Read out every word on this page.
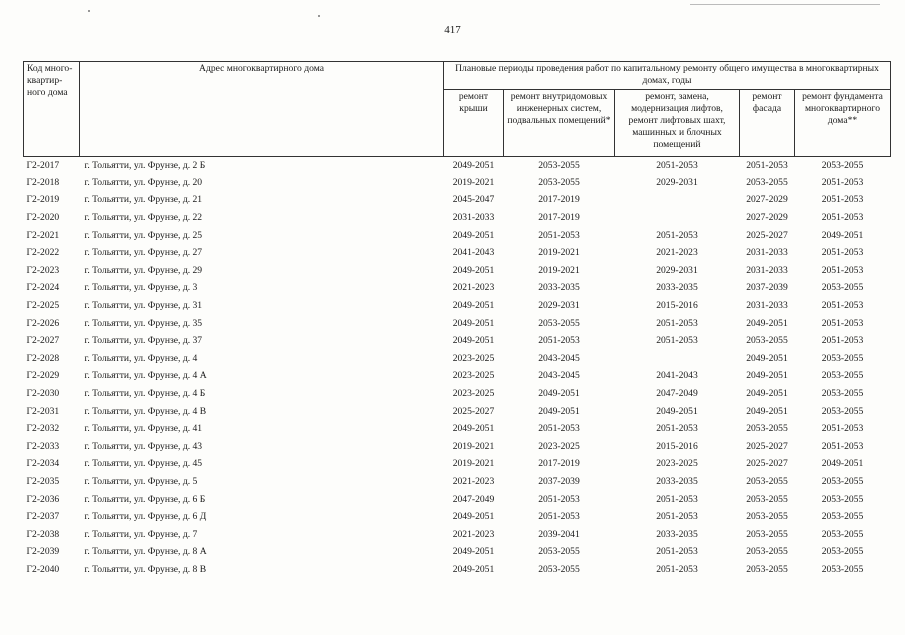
417
Код много-квартир-ного дома	Адрес многоквартирного дома	Плановые периоды проведения работ по капитальному ремонту общего имущества в многоквартирных домах, годы				
		ремонт крыши	ремонт внутридомовых инженерных систем, подвальных помещений*	ремонт, замена, модернизация лифтов, ремонт лифтовых шахт, машинных и блочных помещений	ремонт фасада	ремонт фундамента многоквартирного дома**
Г2-2017	г. Тольятти, ул. Фрунзе, д. 2 Б	2049-2051	2053-2055	2051-2053	2051-2053	2053-2055
Г2-2018	г. Тольятти, ул. Фрунзе, д. 20	2019-2021	2053-2055	2029-2031	2053-2055	2051-2053
Г2-2019	г. Тольятти, ул. Фрунзе, д. 21	2045-2047	2017-2019		2027-2029	2051-2053
Г2-2020	г. Тольятти, ул. Фрунзе, д. 22	2031-2033	2017-2019		2027-2029	2051-2053
Г2-2021	г. Тольятти, ул. Фрунзе, д. 25	2049-2051	2051-2053	2051-2053	2025-2027	2049-2051
Г2-2022	г. Тольятти, ул. Фрунзе, д. 27	2041-2043	2019-2021	2021-2023	2031-2033	2051-2053
Г2-2023	г. Тольятти, ул. Фрунзе, д. 29	2049-2051	2019-2021	2029-2031	2031-2033	2051-2053
Г2-2024	г. Тольятти, ул. Фрунзе, д. 3	2021-2023	2033-2035	2033-2035	2037-2039	2053-2055
Г2-2025	г. Тольятти, ул. Фрунзе, д. 31	2049-2051	2029-2031	2015-2016	2031-2033	2051-2053
Г2-2026	г. Тольятти, ул. Фрунзе, д. 35	2049-2051	2053-2055	2051-2053	2049-2051	2051-2053
Г2-2027	г. Тольятти, ул. Фрунзе, д. 37	2049-2051	2051-2053	2051-2053	2053-2055	2051-2053
Г2-2028	г. Тольятти, ул. Фрунзе, д. 4	2023-2025	2043-2045		2049-2051	2053-2055
Г2-2029	г. Тольятти, ул. Фрунзе, д. 4 А	2023-2025	2043-2045	2041-2043	2049-2051	2053-2055
Г2-2030	г. Тольятти, ул. Фрунзе, д. 4 Б	2023-2025	2049-2051	2047-2049	2049-2051	2053-2055
Г2-2031	г. Тольятти, ул. Фрунзе, д. 4 В	2025-2027	2049-2051	2049-2051	2049-2051	2053-2055
Г2-2032	г. Тольятти, ул. Фрунзе, д. 41	2049-2051	2051-2053	2051-2053	2053-2055	2051-2053
Г2-2033	г. Тольятти, ул. Фрунзе, д. 43	2019-2021	2023-2025	2015-2016	2025-2027	2051-2053
Г2-2034	г. Тольятти, ул. Фрунзе, д. 45	2019-2021	2017-2019	2023-2025	2025-2027	2049-2051
Г2-2035	г. Тольятти, ул. Фрунзе, д. 5	2021-2023	2037-2039	2033-2035	2053-2055	2053-2055
Г2-2036	г. Тольятти, ул. Фрунзе, д. 6 Б	2047-2049	2051-2053	2051-2053	2053-2055	2053-2055
Г2-2037	г. Тольятти, ул. Фрунзе, д. 6 Д	2049-2051	2051-2053	2051-2053	2053-2055	2053-2055
Г2-2038	г. Тольятти, ул. Фрунзе, д. 7	2021-2023	2039-2041	2033-2035	2053-2055	2053-2055
Г2-2039	г. Тольятти, ул. Фрунзе, д. 8 А	2049-2051	2053-2055	2051-2053	2053-2055	2053-2055
Г2-2040	г. Тольятти, ул. Фрунзе, д. 8 В	2049-2051	2053-2055	2051-2053	2053-2055	2053-2055
